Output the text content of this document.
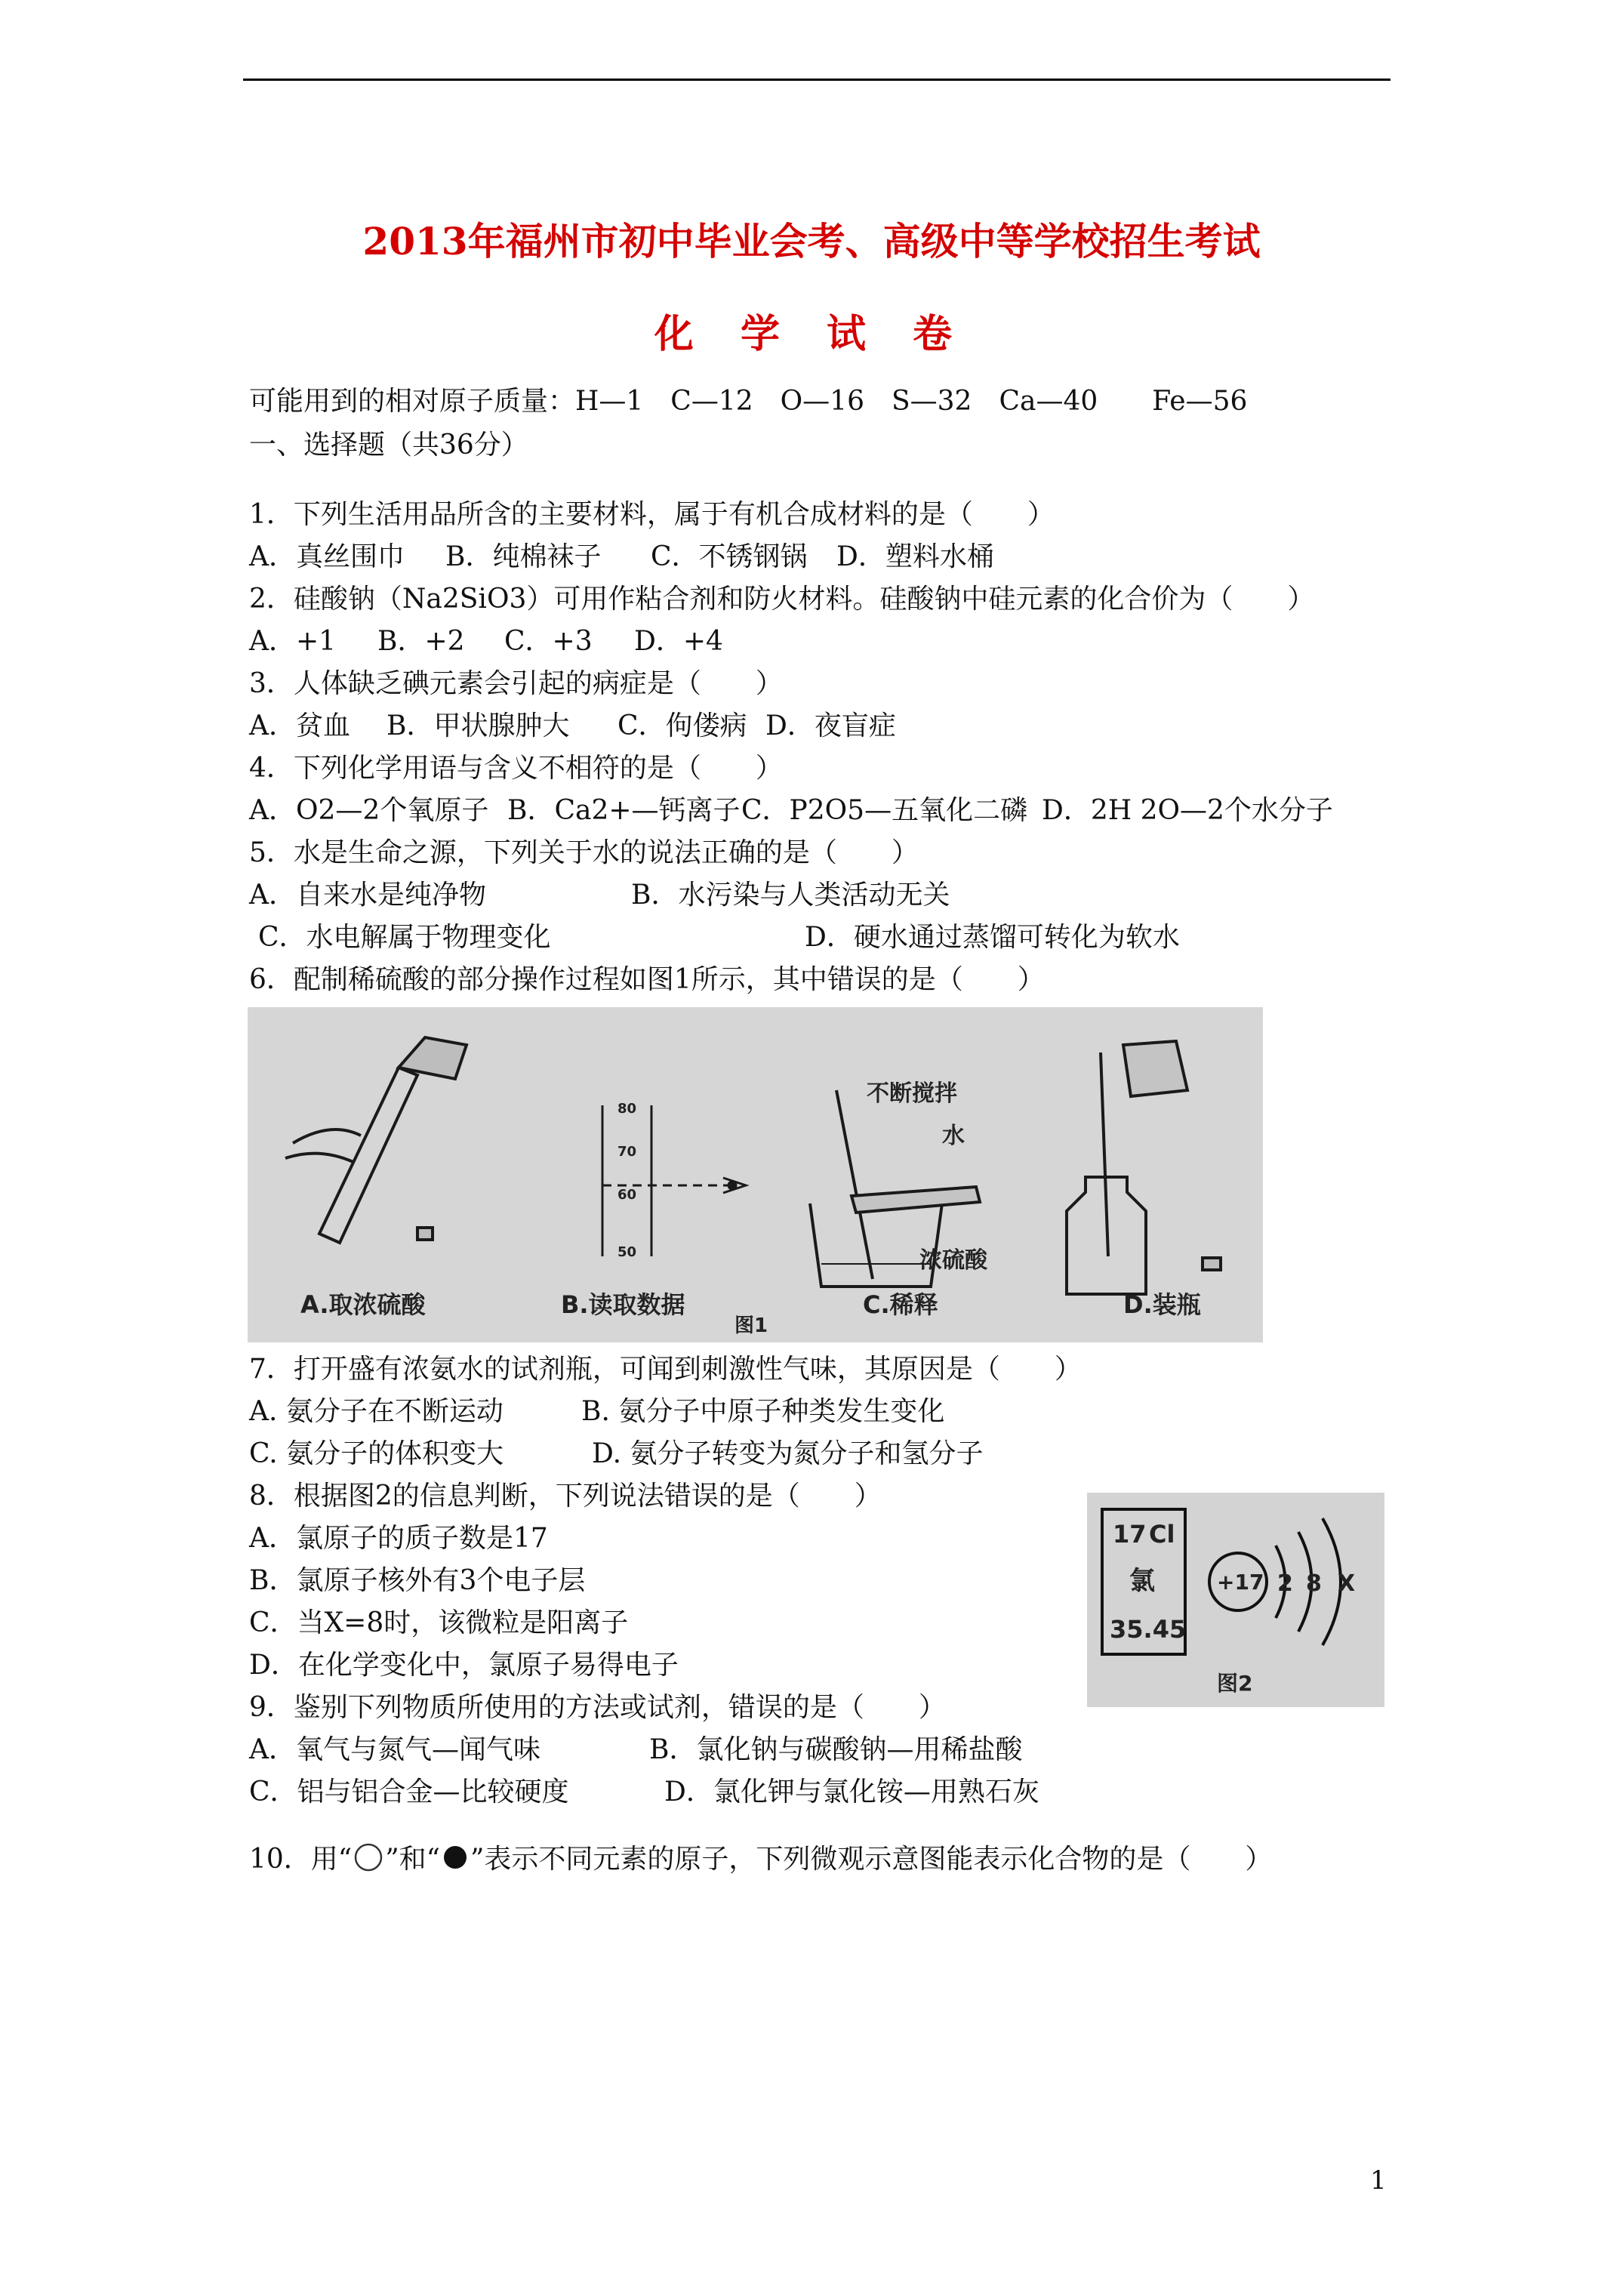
2013年福州市初中毕业会考、高级中等学校招生考试
化 学 试 卷
可能用到的相对原子质量：H—1　C—12　O—16　S—32　Ca—40　　Fe—56
一、选择题（共36分）
1．下列生活用品所含的主要材料，属于有机合成材料的是（　　）
A．真丝围巾 B．纯棉袜子 C．不锈钢锅 D．塑料水桶
2．硅酸钠（Na2SiO3）可用作粘合剂和防火材料。硅酸钠中硅元素的化合价为（　　）
A．+1 B．+2 C．+3 D．+4
3．人体缺乏碘元素会引起的病症是（　　）
A．贫血 B．甲状腺肿大 C．佝偻病 D．夜盲症
4．下列化学用语与含义不相符的是（　　）
A．O2—2个氧原子 B．Ca2+—钙离子 C．P2O5—五氧化二磷 D．2H 2O—2个水分子
5．水是生命之源，下列关于水的说法正确的是（　　）
A．自来水是纯净物	B．水污染与人类活动无关
C．水电解属于物理变化	D．硬水通过蒸馏可转化为软水
6．配制稀硫酸的部分操作过程如图1所示，其中错误的是（　　）
80
70
60
50
不断搅拌
水
浓硫酸
A.取浓硫酸	B.读取数据	C.稀释	D.装瓶
图1
7．打开盛有浓氨水的试剂瓶，可闻到刺激性气味，其原因是（　　）
A. 氨分子在不断运动	B. 氨分子中原子种类发生变化
C. 氨分子的体积变大	D. 氨分子转变为氮分子和氢分子
8．根据图2的信息判断，下列说法错误的是（　　）
A．氯原子的质子数是17
B．氯原子核外有3个电子层
C．当X=8时，该微粒是阳离子
D．在化学变化中，氯原子易得电子
17 Cl
氯
35.45
+17 2 8 X
图2
9．鉴别下列物质所使用的方法或试剂，错误的是（　　）
A．氧气与氮气—闻气味	B．氯化钠与碳酸钠—用稀盐酸
C．铝与铝合金—比较硬度	D．氯化钾与氯化铵—用熟石灰
10．用“ ”和“ ”表示不同元素的原子，下列微观示意图能表示化合物的是（　　）
1
